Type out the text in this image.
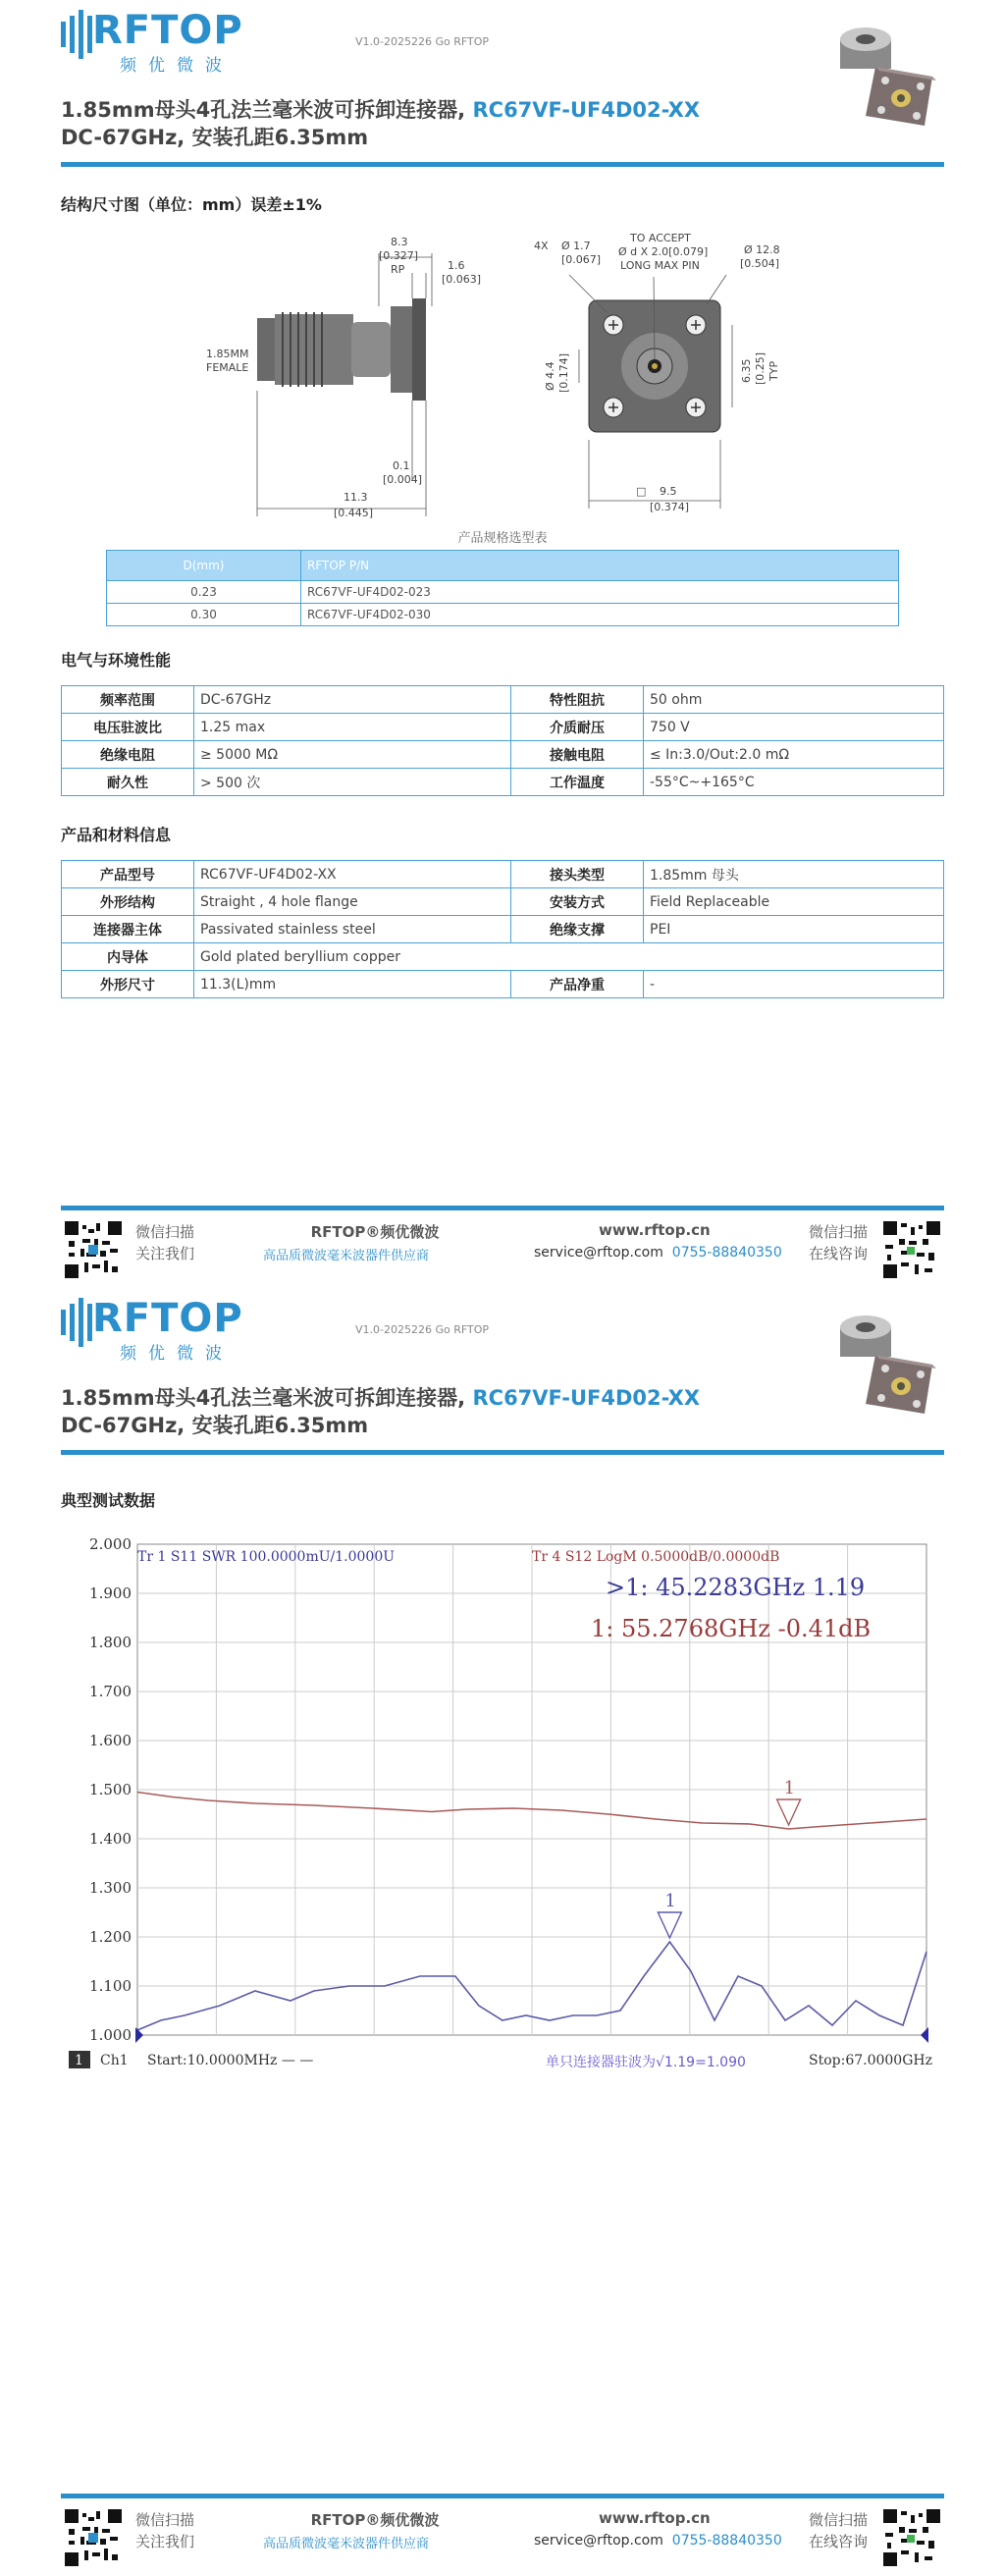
RFTOP
频优微波
V1.0-2025226 Go RFTOP
1.85mm母头4孔法兰毫米波可拆卸连接器, RC67VF-UF4D02-XX
DC-67GHz, 安装孔距6.35mm
结构尺寸图（单位：mm）误差±1%
8.3
[0.327]
RP	1.6
[0.063]
1.85MM
FEMALE
0.1
[0.004]
11.3
[0.445]
4X Ø 1.7
[0.067]
TO ACCEPT
Ø d X 2.0[0.079]
LONG MAX PIN
Ø 12.8
[0.504]
Ø 4.4 [0.174]	6.35 [0.25] TYP
□ 9.5
[0.374]
产品规格选型表
D(mm)	RFTOP P/N
0.23	RC67VF-UF4D02-023
0.30	RC67VF-UF4D02-030
电气与环境性能
频率范围	DC-67GHz	特性阻抗	50 ohm
电压驻波比	1.25 max	介质耐压	750 V
绝缘电阻	≥ 5000 MΩ	接触电阻	≤ In:3.0/Out:2.0 mΩ
耐久性	> 500 次	工作温度	-55°C~+165°C
产品和材料信息
产品型号	RC67VF-UF4D02-XX	接头类型	1.85mm 母头
外形结构	Straight , 4 hole flange	安装方式	Field Replaceable
连接器主体	Passivated stainless steel	绝缘支撑	PEI
内导体	Gold plated beryllium copper		
外形尺寸	11.3(L)mm	产品净重	-
微信扫描
关注我们
RFTOP®频优微波
高品质微波毫米波器件供应商
www.rftop.cn
service@rftop.com 0755-88840350
微信扫描
在线咨询
RFTOP
频优微波
V1.0-2025226 Go RFTOP
1.85mm母头4孔法兰毫米波可拆卸连接器, RC67VF-UF4D02-XX
DC-67GHz, 安装孔距6.35mm
典型测试数据
微信扫描
关注我们
RFTOP®频优微波
高品质微波毫米波器件供应商
www.rftop.cn
service@rftop.com 0755-88840350
微信扫描
在线咨询
2.000
1.900
1.800
1.700
1.600
1.500
1.400
1.300
1.200
1.100
1.000
1
1
Tr 1 S11 SWR 100.0000mU/1.0000U	Tr 4 S12 LogM 0.5000dB/0.0000dB
>1: 45.2283GHz 1.19
1: 55.2768GHz -0.41dB
1 Ch1 Start:10.0000MHz — —	Stop:67.0000GHz
单只连接器驻波为√1.19=1.090
